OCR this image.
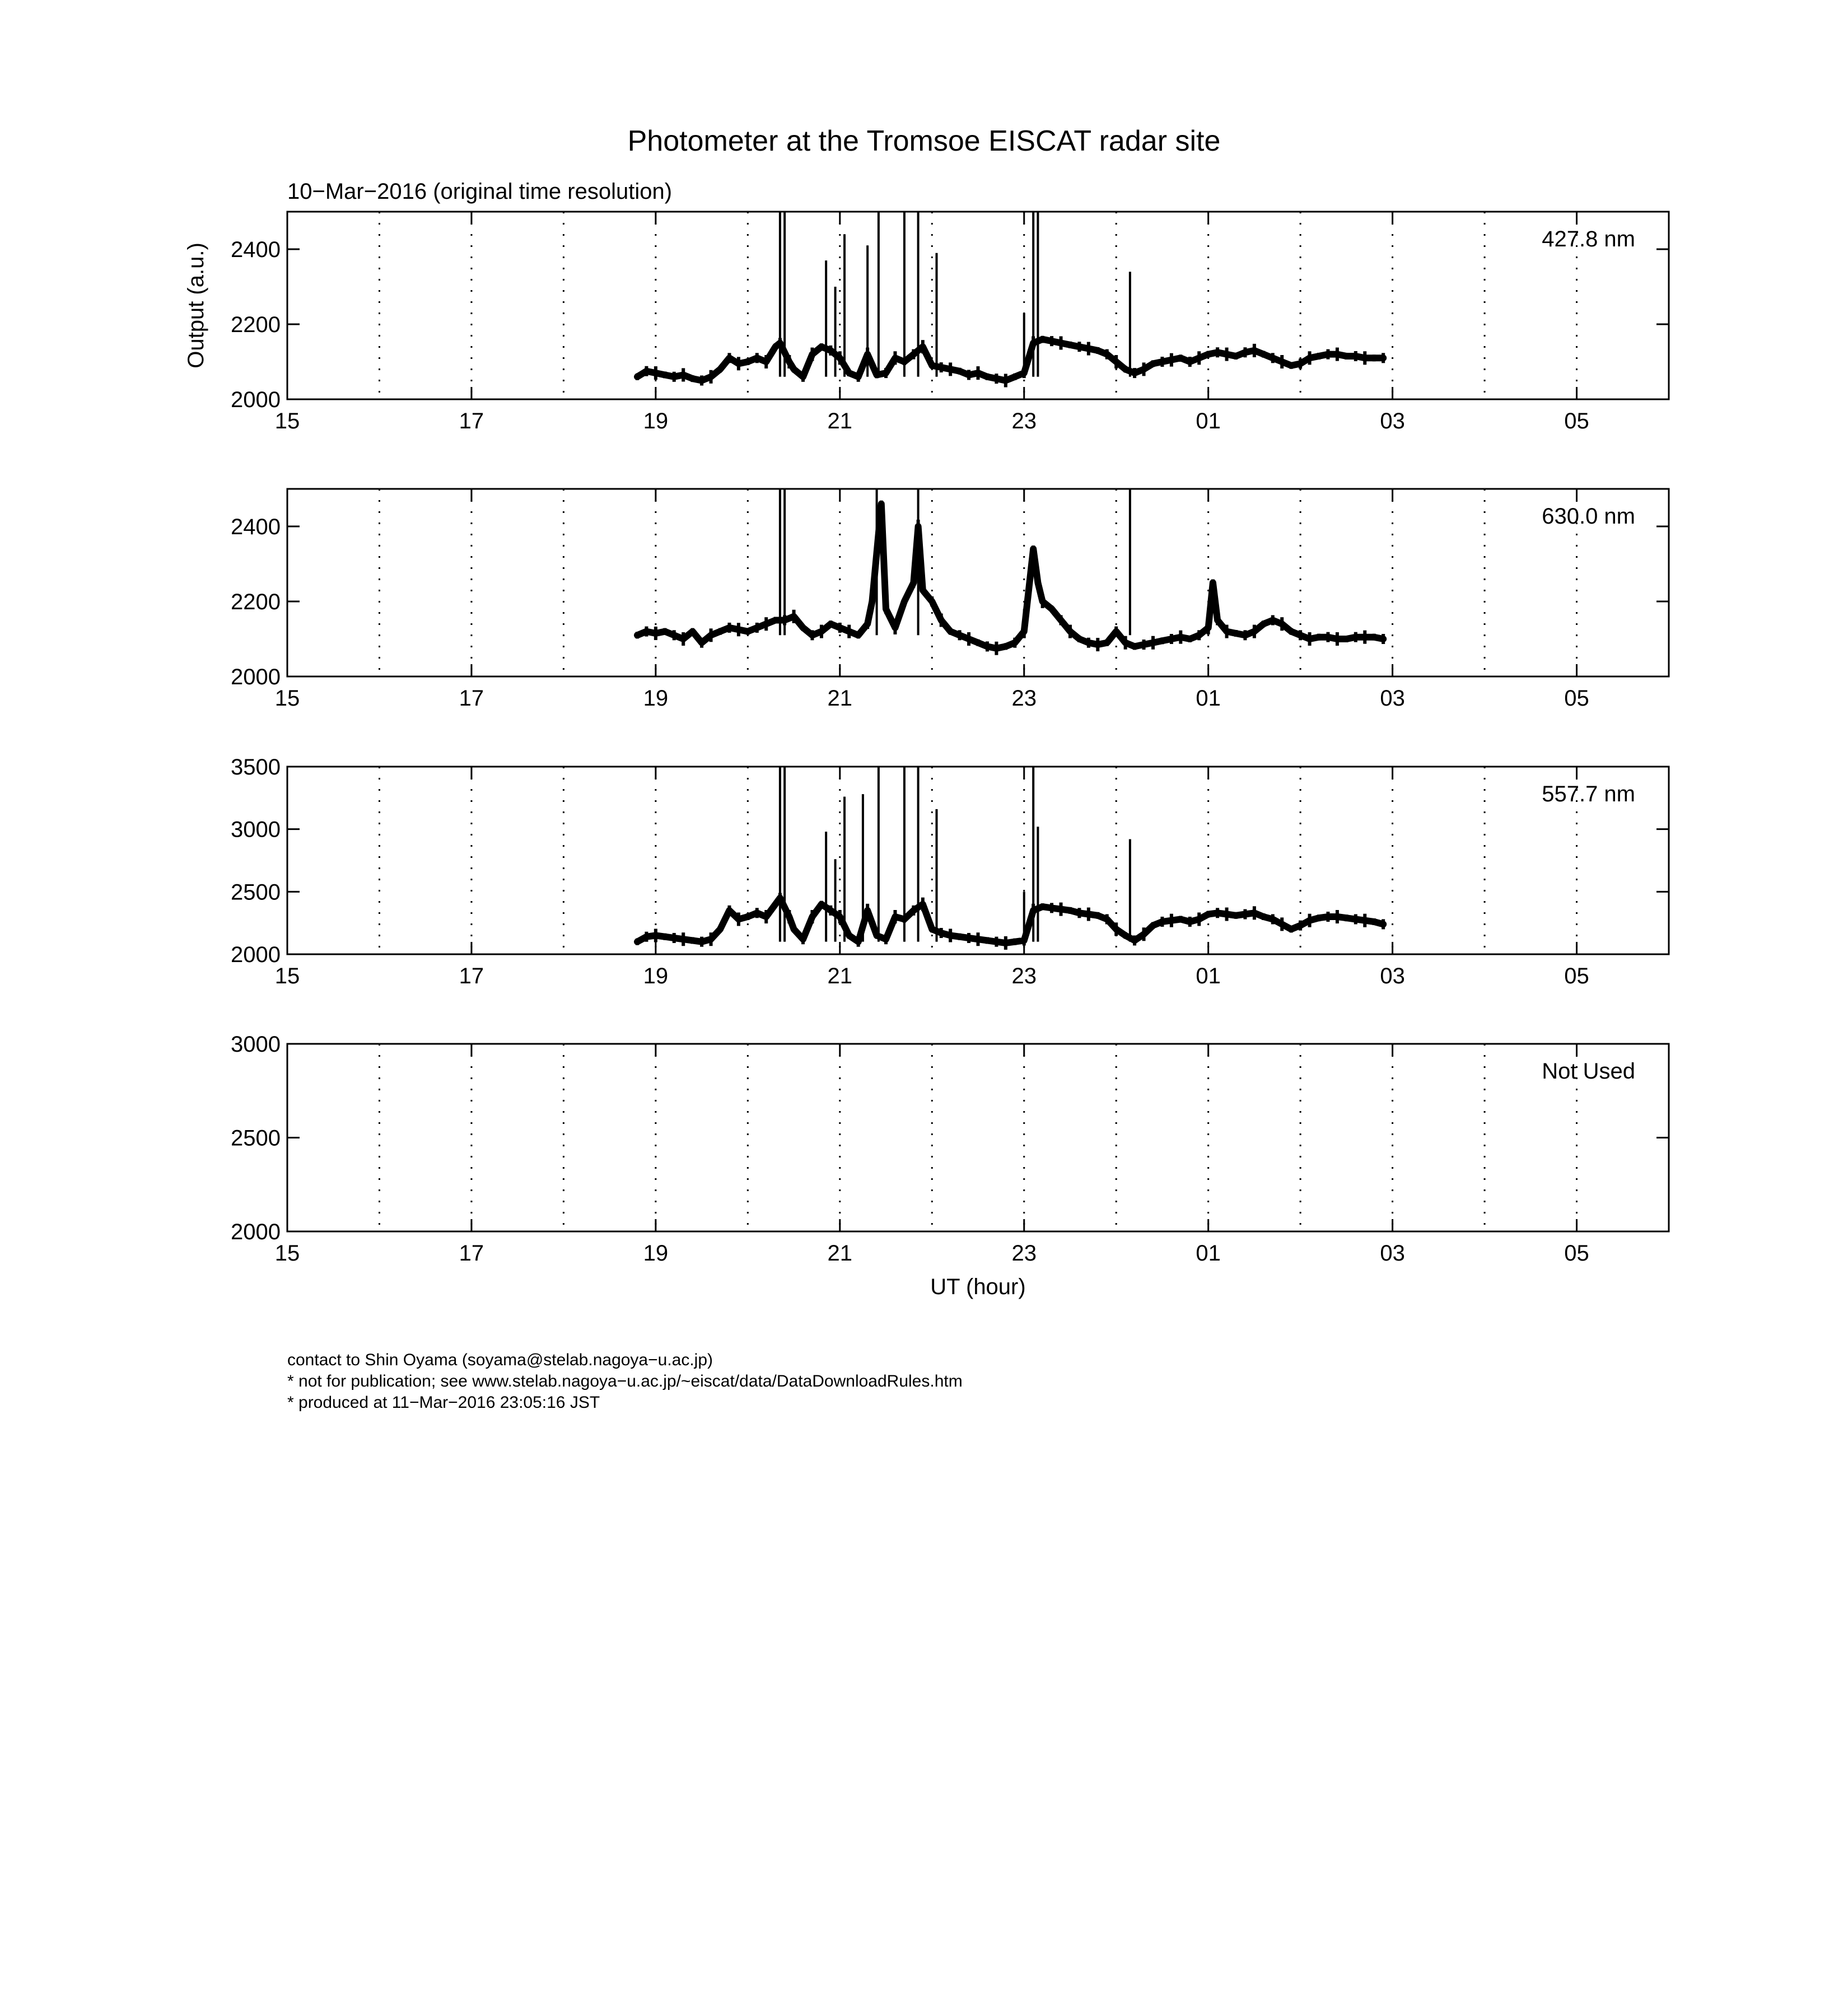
Photometer at the Tromsoe EISCAT radar site
10−Mar−2016 (original time resolution)
15	17	19	21	23	01	03	05
2000
2200
2400	427.8 nm
Output (a.u.)
15	17	19	21	23	01	03	05
2000
2200
2400	630.0 nm
15	17	19	21	23	01	03	05
2000
2500
3000
3500
557.7 nm
15	17	19	21	23	01	03	05
2000
2500
3000
Not Used
UT (hour)
contact to Shin Oyama (soyama@stelab.nagoya−u.ac.jp)
* not for publication; see www.stelab.nagoya−u.ac.jp/~eiscat/data/DataDownloadRules.htm
* produced at 11−Mar−2016 23:05:16 JST
